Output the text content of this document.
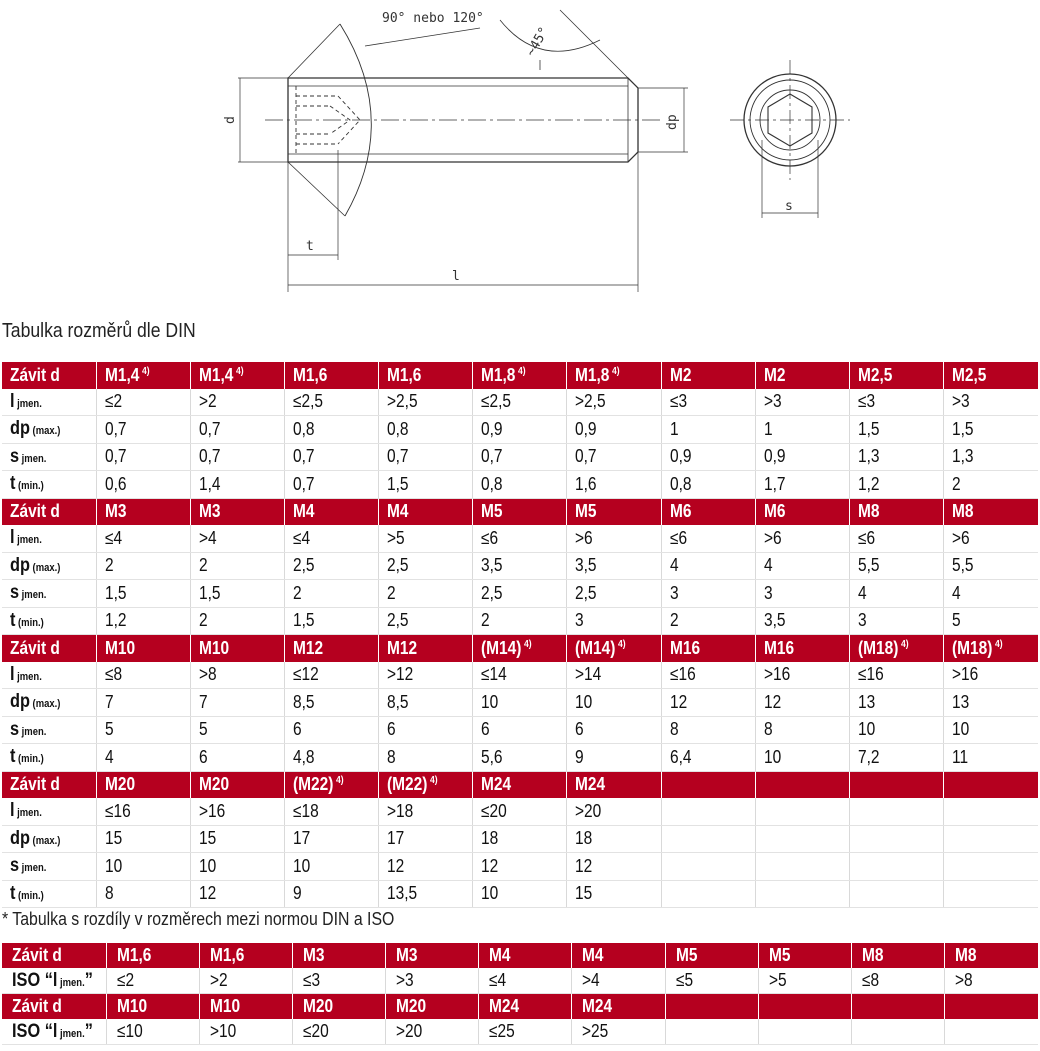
90° nebo 120°
~45°
d	dp
t
l
s
Tabulka rozměrů dle DIN
Závit d	M1,4 $^{4)}$	M1,4 $^{4)}$	M1,6	M1,6	M1,8 $^{4)}$	M1,8 $^{4)}$	M2	M2	M2,5	M2,5
l jmen.	≤2	>2	≤2,5	>2,5	≤2,5	>2,5	≤3	>3	≤3	>3
dp (max.)	0,7	0,7	0,8	0,8	0,9	0,9	1	1	1,5	1,5
s jmen.	0,7	0,7	0,7	0,7	0,7	0,7	0,9	0,9	1,3	1,3
t (min.)	0,6	1,4	0,7	1,5	0,8	1,6	0,8	1,7	1,2	2
Závit d	M3	M3	M4	M4	M5	M5	M6	M6	M8	M8
l jmen.	≤4	>4	≤4	>5	≤6	>6	≤6	>6	≤6	>6
dp (max.)	2	2	2,5	2,5	3,5	3,5	4	4	5,5	5,5
s jmen.	1,5	1,5	2	2	2,5	2,5	3	3	4	4
t (min.)	1,2	2	1,5	2,5	2	3	2	3,5	3	5
Závit d	M10	M10	M12	M12	(M14) $^{4)}$	(M14) $^{4)}$	M16	M16	(M18) $^{4)}$	(M18) $^{4)}$
l jmen.	≤8	>8	≤12	>12	≤14	>14	≤16	>16	≤16	>16
dp (max.)	7	7	8,5	8,5	10	10	12	12	13	13
s jmen.	5	5	6	6	6	6	8	8	10	10
t (min.)	4	6	4,8	8	5,6	9	6,4	10	7,2	11
Závit d	M20	M20	(M22) $^{4)}$	(M22) $^{4)}$	M24	M24				
l jmen.	≤16	>16	≤18	>18	≤20	>20				
dp (max.)	15	15	17	17	18	18				
s jmen.	10	10	10	12	12	12				
t (min.)	8	12	9	13,5	10	15				
* Tabulka s rozdíly v rozměrech mezi normou DIN a ISO
Závit d	M1,6	M1,6	M3	M3	M4	M4	M5	M5	M8	M8
ISO “l jmen.”	≤2	>2	≤3	>3	≤4	>4	≤5	>5	≤8	>8
Závit d	M10	M10	M20	M20	M24	M24				
ISO “l jmen.”	≤10	>10	≤20	>20	≤25	>25				
